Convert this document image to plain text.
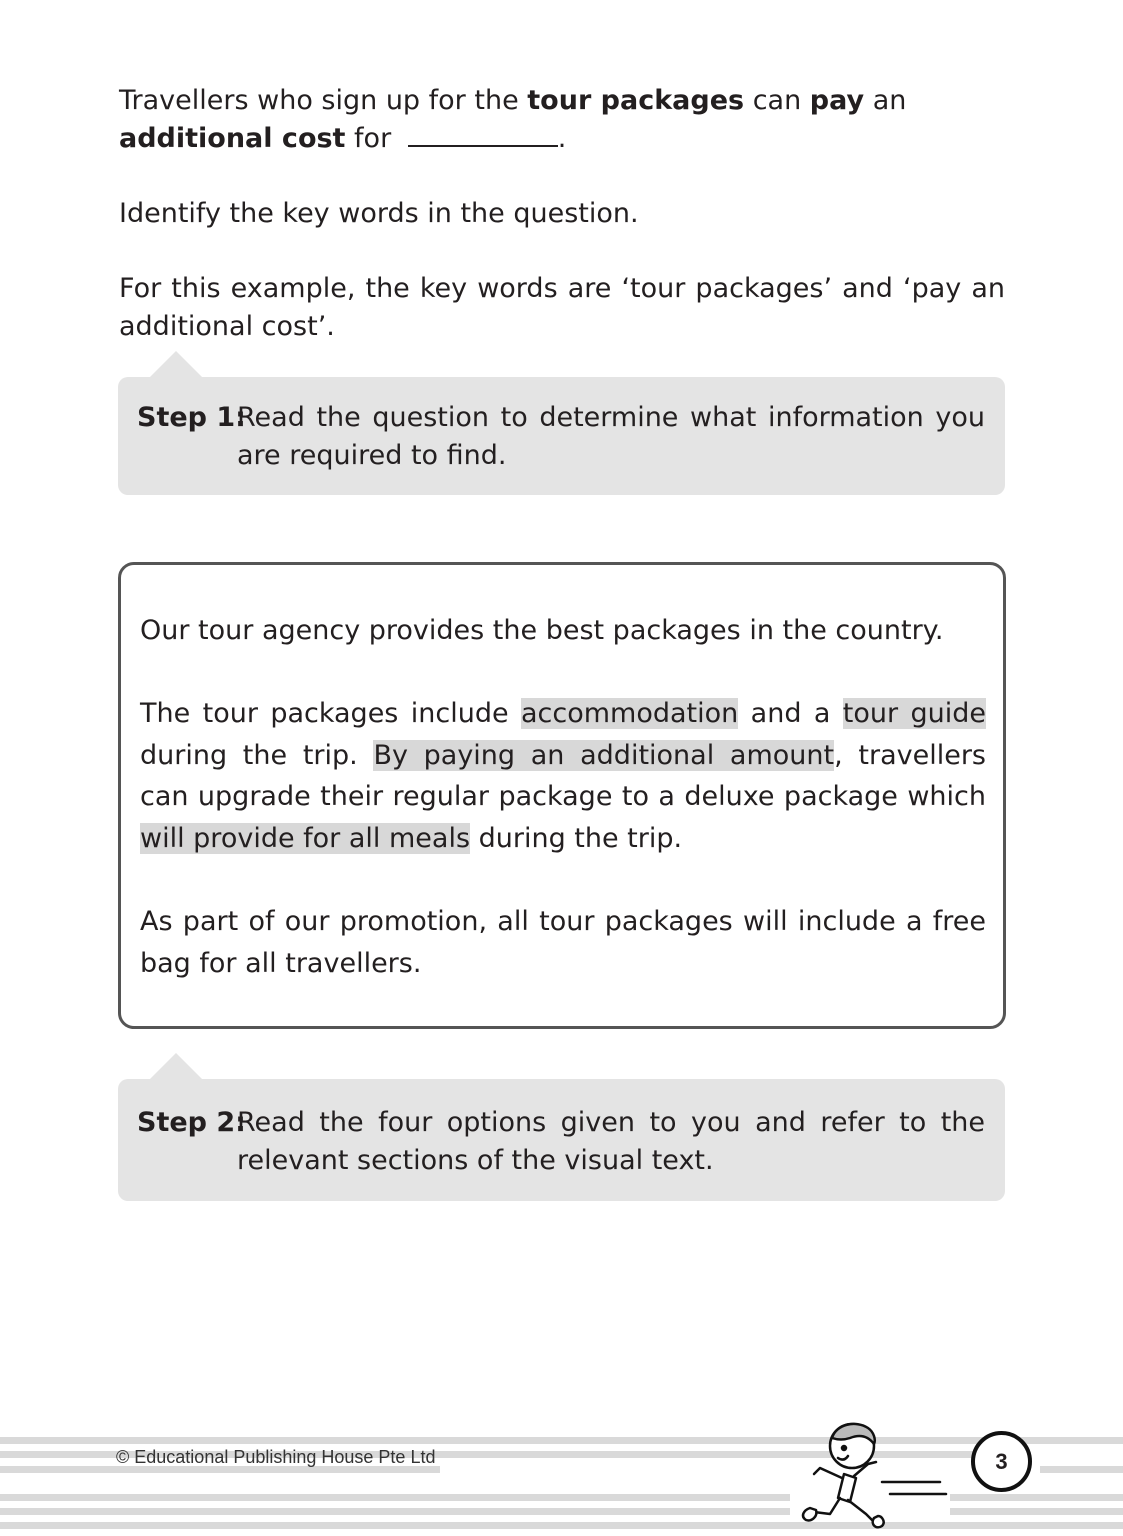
Travellers who sign up for the tour packages can pay an additional cost for	.

Identify the key words in the question.

For this example, the key words are ‘tour packages’ and ‘pay an additional cost’.

Step 1:
Read the question to determine what information you are required to find.

Our tour agency provides the best packages in the country.

The tour packages include accommodation and a tour guide during the trip. By paying an additional amount, travellers can upgrade their regular package to a deluxe package which will provide for all meals during the trip.

As part of our promotion, all tour packages will include a free bag for all travellers.

Step 2:
Read the four options given to you and refer to the relevant sections of the visual text.
© Educational Publishing House Pte Ltd	3
